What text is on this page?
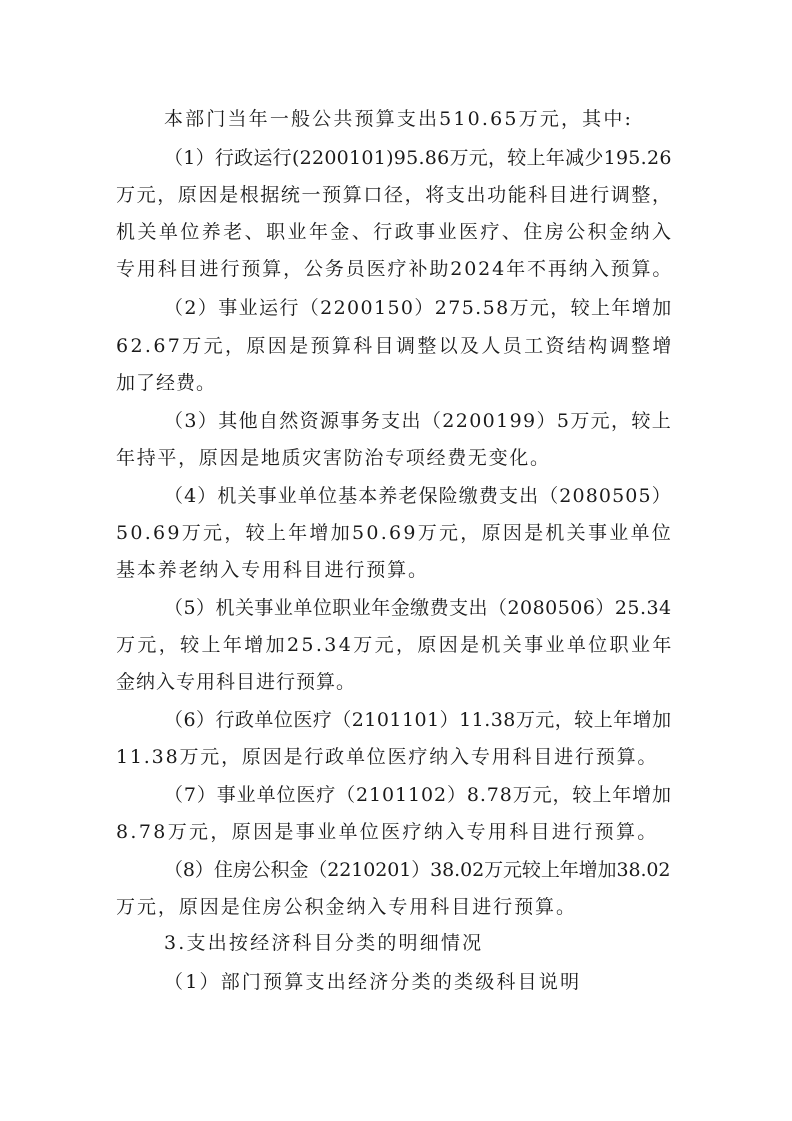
本部门当年一般公共预算支出510.65万元，其中:
（1）行政运行(2200101)95.86万元，较上年减少195.26
万元，原因是根据统一预算口径，将支出功能科目进行调整，
机关单位养老、职业年金、行政事业医疗、住房公积金纳入
专用科目进行预算，公务员医疗补助2024年不再纳入预算。
（2）事业运行（2200150）275.58万元，较上年增加
62.67万元，原因是预算科目调整以及人员工资结构调整增
加了经费。
（3）其他自然资源事务支出（2200199）5万元，较上
年持平，原因是地质灾害防治专项经费无变化。
（4）机关事业单位基本养老保险缴费支出（2080505）
50.69万元，较上年增加50.69万元，原因是机关事业单位
基本养老纳入专用科目进行预算。
（5）机关事业单位职业年金缴费支出（2080506）25.34
万元，较上年增加25.34万元，原因是机关事业单位职业年
金纳入专用科目进行预算。
（6）行政单位医疗（2101101）11.38万元，较上年增加
11.38万元，原因是行政单位医疗纳入专用科目进行预算。
（7）事业单位医疗（2101102）8.78万元，较上年增加
8.78万元，原因是事业单位医疗纳入专用科目进行预算。
（8）住房公积金（2210201）38.02万元较上年增加38.02
万元，原因是住房公积金纳入专用科目进行预算。
3.支出按经济科目分类的明细情况
（1）部门预算支出经济分类的类级科目说明
